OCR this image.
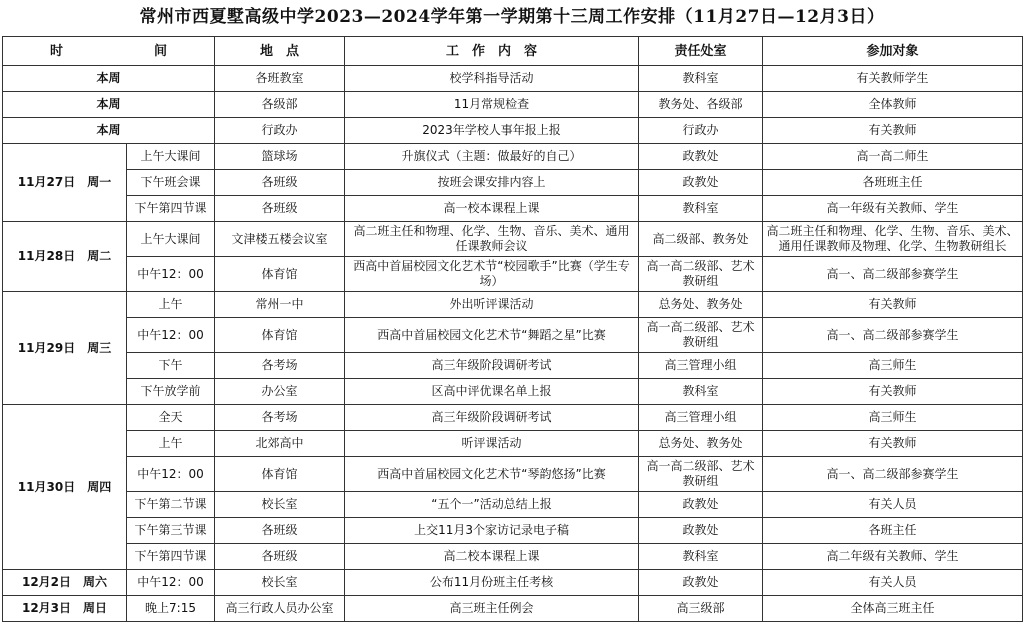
常州市西夏墅高级中学2023—2024学年第一学期第十三周工作安排（11月27日—12月3日）
时　　　　　　　间		地　点	工　作　内　容	责任处室	参加对象
本周		各班教室	校学科指导活动	教科室	有关教师学生
本周		各级部	11月常规检查	教务处、各级部	全体教师
本周		行政办	2023年学校人事年报上报	行政办	有关教师
11月27日　周一	上午大课间	篮球场	升旗仪式（主题：做最好的自己）	政教处	高一高二师生
	下午班会课	各班级	按班会课安排内容上	政教处	各班班主任
	下午第四节课	各班级	高一校本课程上课	教科室	高一年级有关教师、学生
11月28日　周二	上午大课间	文津楼五楼会议室	高二班主任和物理、化学、生物、音乐、美术、通用任课教师会议	高二级部、教务处	高二班主任和物理、化学、生物、音乐、美术、通用任课教师及物理、化学、生物教研组长
	中午12：00	体育馆	西高中首届校园文化艺术节“校园歌手”比赛（学生专场）	高一高二级部、艺术教研组	高一、高二级部参赛学生
11月29日　周三	上午	常州一中	外出听评课活动	总务处、教务处	有关教师
	中午12：00	体育馆	西高中首届校园文化艺术节“舞蹈之星”比赛	高一高二级部、艺术教研组	高一、高二级部参赛学生
	下午	各考场	高三年级阶段调研考试	高三管理小组	高三师生
	下午放学前	办公室	区高中评优课名单上报	教科室	有关教师
11月30日　周四	全天	各考场	高三年级阶段调研考试	高三管理小组	高三师生
	上午	北郊高中	听评课活动	总务处、教务处	有关教师
	中午12：00	体育馆	西高中首届校园文化艺术节“琴韵悠扬”比赛	高一高二级部、艺术教研组	高一、高二级部参赛学生
	下午第二节课	校长室	“五个一”活动总结上报	政教处	有关人员
	下午第三节课	各班级	上交11月3个家访记录电子稿	政教处	各班主任
	下午第四节课	各班级	高二校本课程上课	教科室	高二年级有关教师、学生
12月2日　周六	中午12：00	校长室	公布11月份班主任考核	政教处	有关人员
12月3日　周日	晚上7:15	高三行政人员办公室	高三班主任例会	高三级部	全体高三班主任
